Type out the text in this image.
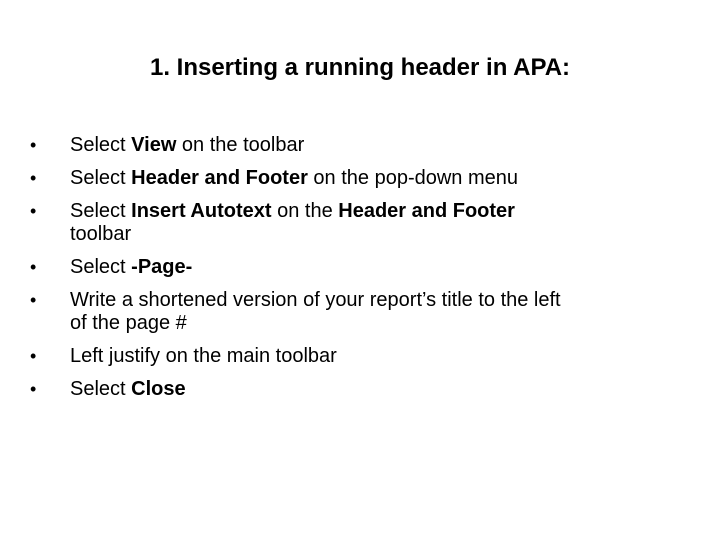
1. Inserting a running header in APA:
• Select View on the toolbar
• Select Header and Footer on the pop-down menu
• Select Insert Autotext on the Header and Footer
toolbar
• Select -Page-
• Write a shortened version of your report’s title to the left
of the page #
• Left justify on the main toolbar
• Select Close
